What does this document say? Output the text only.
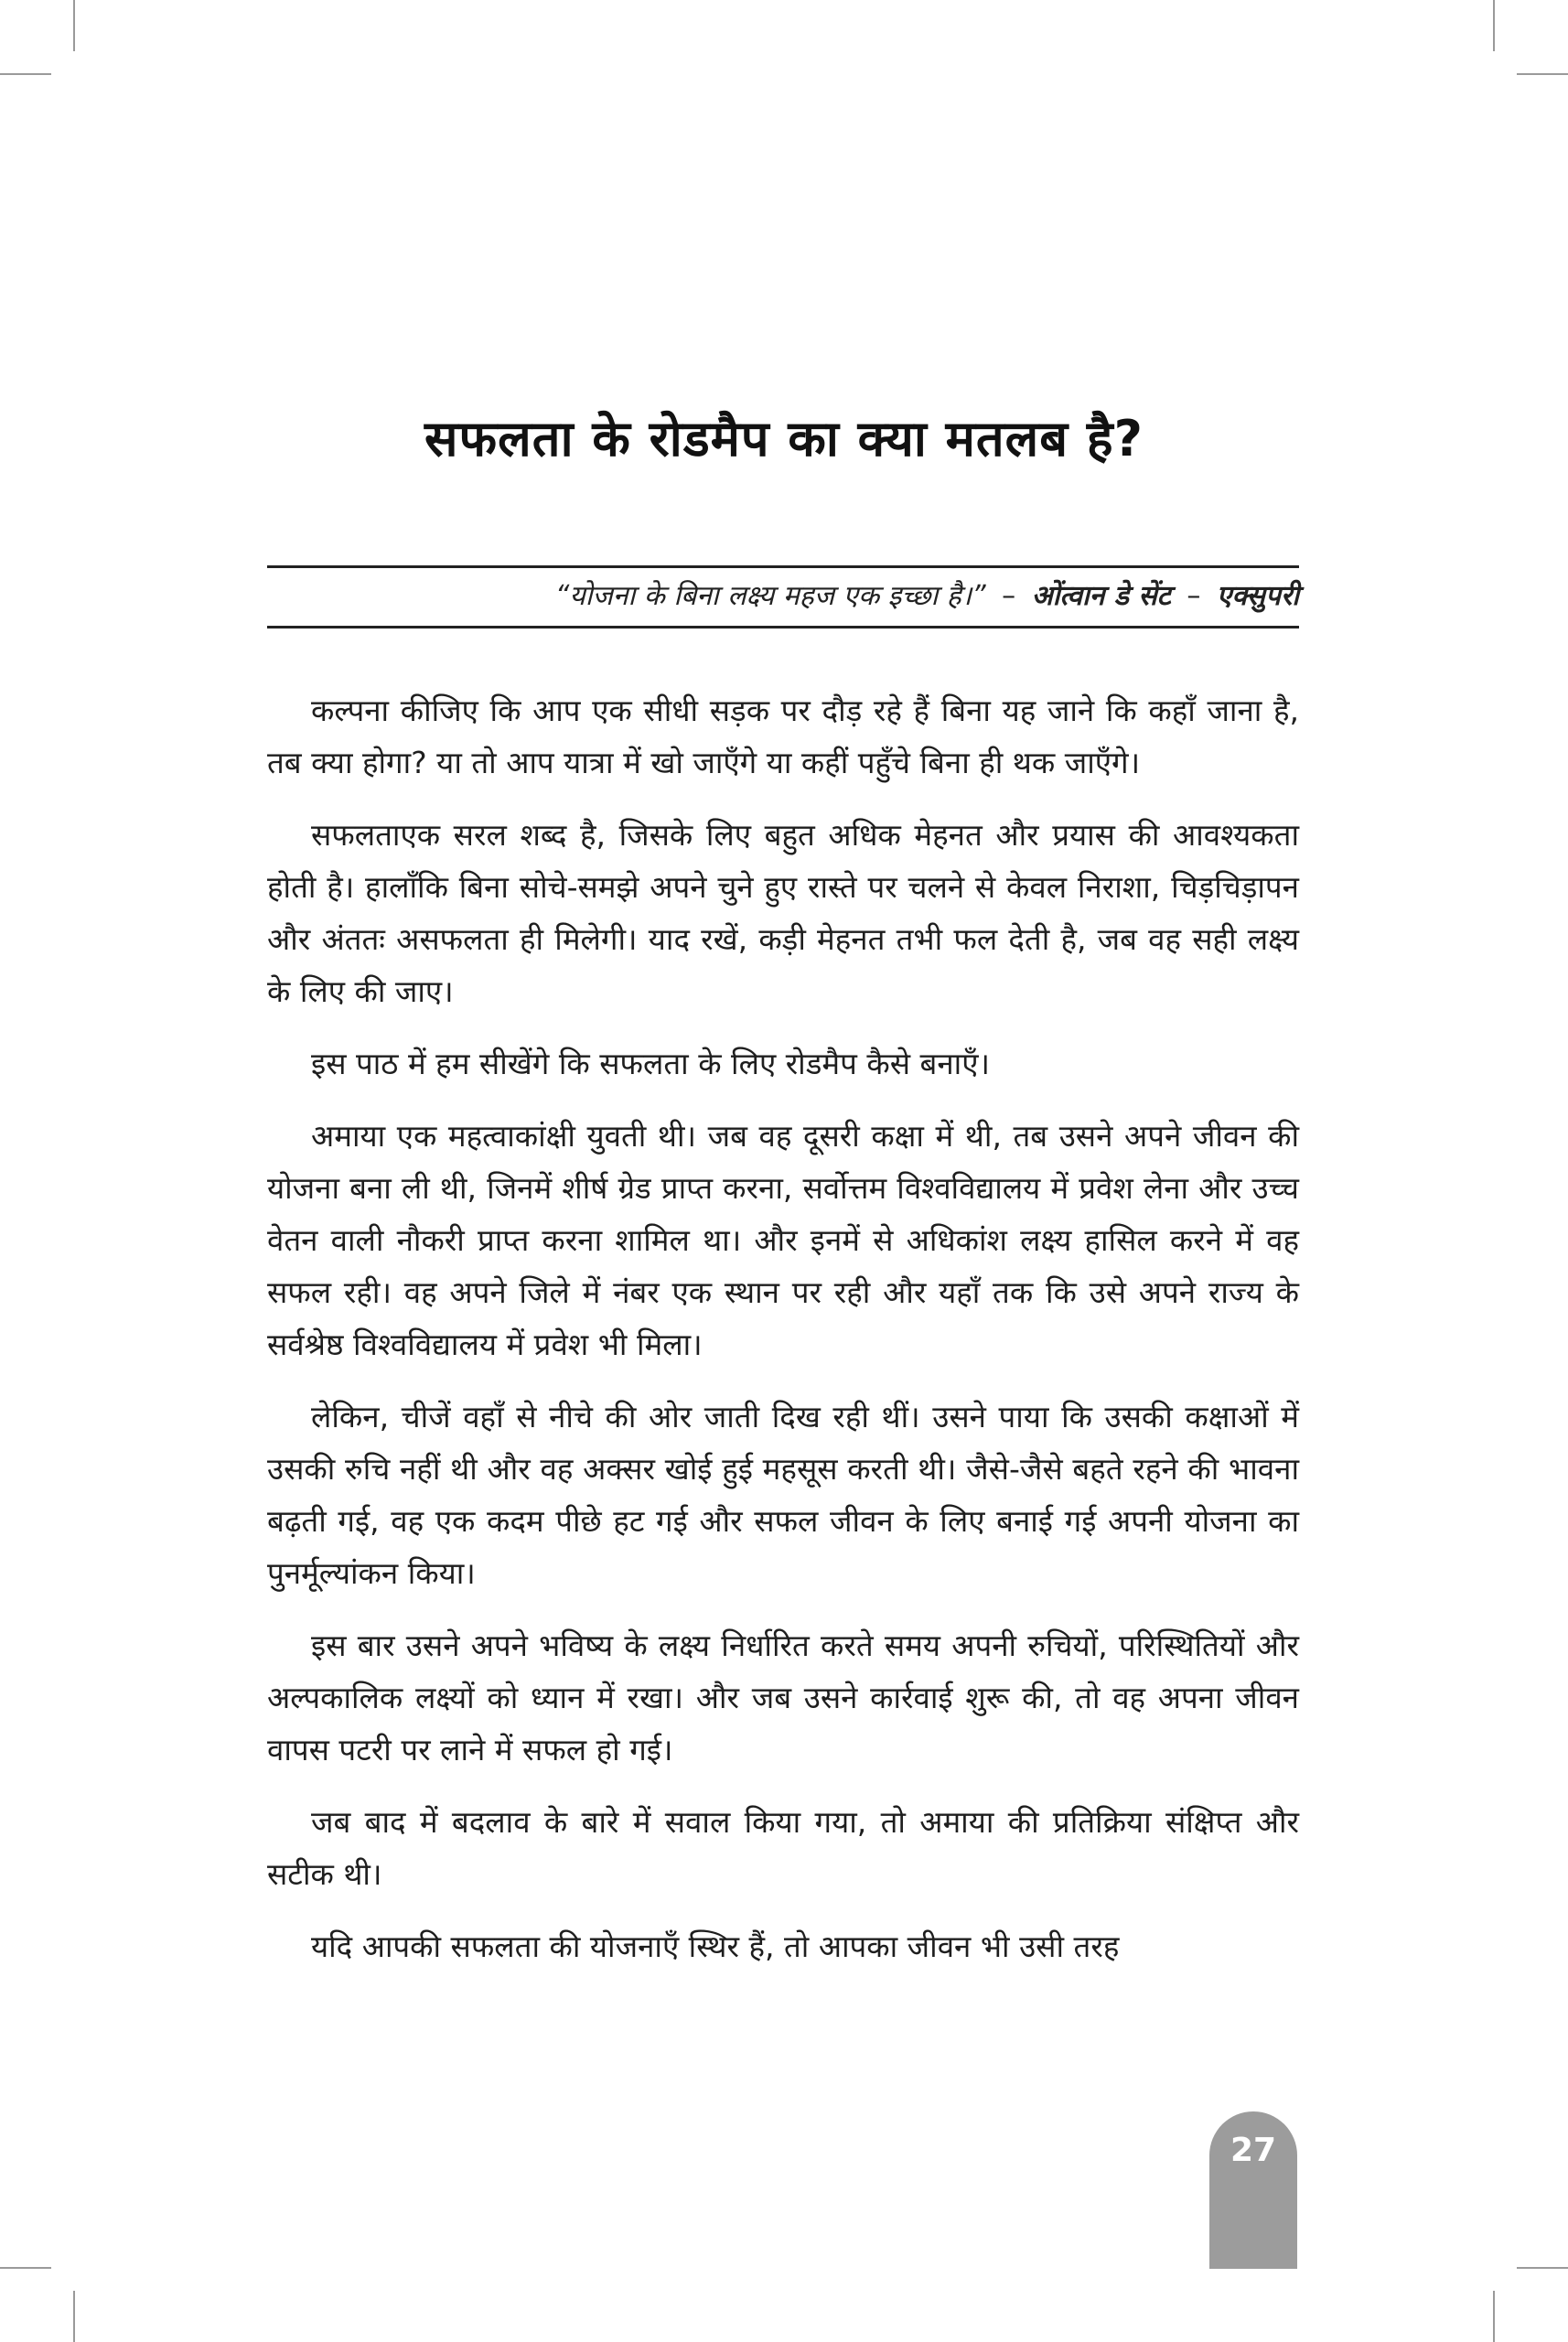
सफलता के रोडमैप का क्या मतलब है?
“योजना के बिना लक्ष्य महज एक इच्छा है।” – ओंत्वान डे सेंट – एक्सुपरी

कल्पना कीजिए कि आप एक सीधी सड़क पर दौड़ रहे हैं बिना यह जाने कि कहाँ जाना है, तब क्या होगा? या तो आप यात्रा में खो जाएँगे या कहीं पहुँचे बिना ही थक जाएँगे।

सफलताएक सरल शब्द है, जिसके लिए बहुत अधिक मेहनत और प्रयास की आवश्यकता होती है। हालाँकि बिना सोचे-समझे अपने चुने हुए रास्ते पर चलने से केवल निराशा, चिड़चिड़ापन और अंततः असफलता ही मिलेगी। याद रखें, कड़ी मेहनत तभी फल देती है, जब वह सही लक्ष्य के लिए की जाए।

इस पाठ में हम सीखेंगे कि सफलता के लिए रोडमैप कैसे बनाएँ।

अमाया एक महत्वाकांक्षी युवती थी। जब वह दूसरी कक्षा में थी, तब उसने अपने जीवन की योजना बना ली थी, जिनमें शीर्ष ग्रेड प्राप्त करना, सर्वोत्तम विश्वविद्यालय में प्रवेश लेना और उच्च वेतन वाली नौकरी प्राप्त करना शामिल था। और इनमें से अधिकांश लक्ष्य हासिल करने में वह सफल रही। वह अपने जिले में नंबर एक स्थान पर रही और यहाँ तक कि उसे अपने राज्य के सर्वश्रेष्ठ विश्वविद्यालय में प्रवेश भी मिला।

लेकिन, चीजें वहाँ से नीचे की ओर जाती दिख रही थीं। उसने पाया कि उसकी कक्षाओं में उसकी रुचि नहीं थी और वह अक्सर खोई हुई महसूस करती थी। जैसे-जैसे बहते रहने की भावना बढ़ती गई, वह एक कदम पीछे हट गई और सफल जीवन के लिए बनाई गई अपनी योजना का पुनर्मूल्यांकन किया।

इस बार उसने अपने भविष्य के लक्ष्य निर्धारित करते समय अपनी रुचियों, परिस्थितियों और अल्पकालिक लक्ष्यों को ध्यान में रखा। और जब उसने कार्रवाई शुरू की, तो वह अपना जीवन वापस पटरी पर लाने में सफल हो गई।

जब बाद में बदलाव के बारे में सवाल किया गया, तो अमाया की प्रतिक्रिया संक्षिप्त और सटीक थी।

यदि आपकी सफलता की योजनाएँ स्थिर हैं, तो आपका जीवन भी उसी तरह

27
